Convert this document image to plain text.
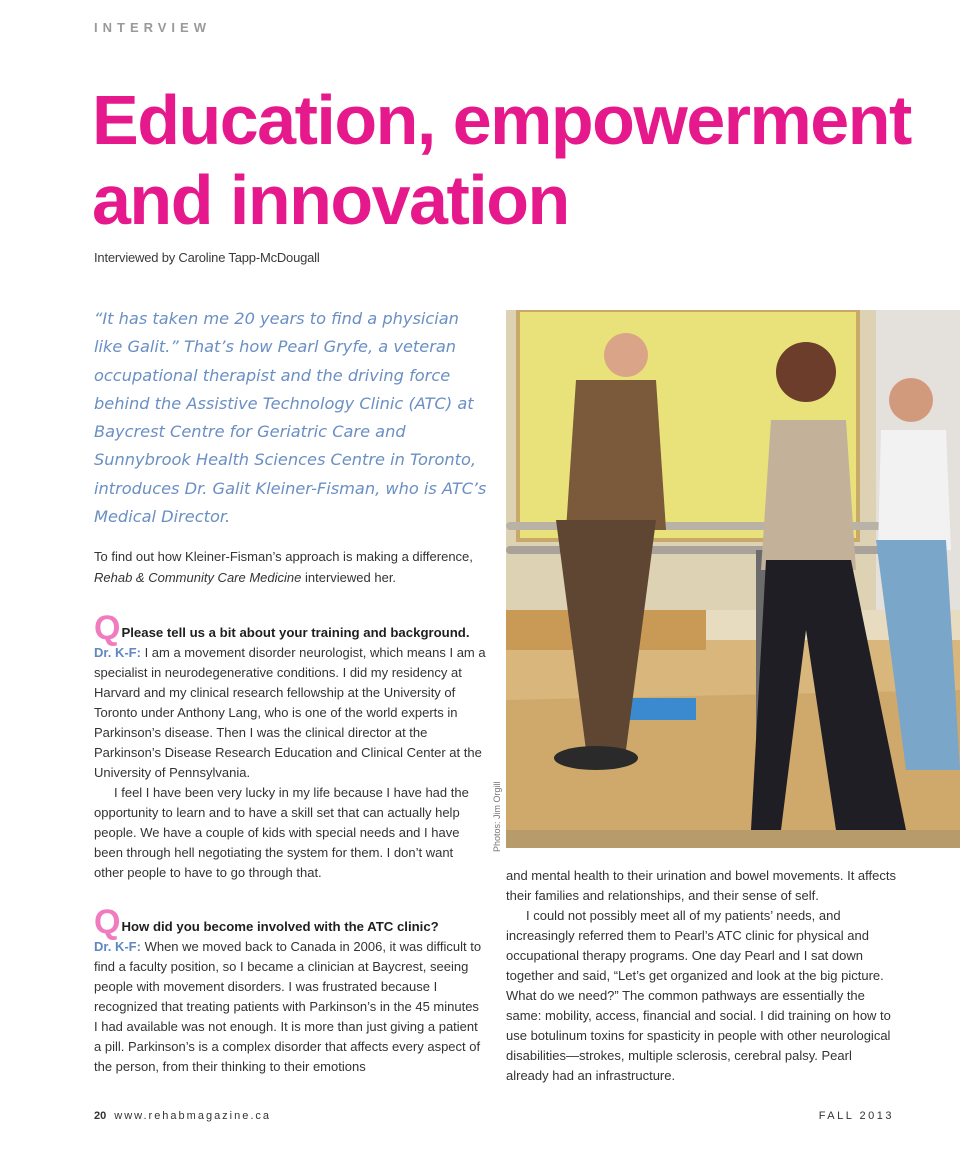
INTERVIEW
Education, empowerment and innovation
Interviewed by Caroline Tapp-McDougall
“It has taken me 20 years to find a physician like Galit.” That’s how Pearl Gryfe, a veteran occupational therapist and the driving force behind the Assistive Technology Clinic (ATC) at Baycrest Centre for Geriatric Care and Sunnybrook Health Sciences Centre in Toronto, introduces Dr. Galit Kleiner-Fisman, who is ATC’s Medical Director.
To find out how Kleiner-Fisman’s approach is making a difference, Rehab & Community Care Medicine interviewed her.
QPlease tell us a bit about your training and background.

Dr. K-F: I am a movement disorder neurologist, which means I am a specialist in neurodegenerative conditions. I did my residency at Harvard and my clinical research fellowship at the University of Toronto under Anthony Lang, who is one of the world experts in Parkinson’s disease. Then I was the clinical director at the Parkinson’s Disease Research Education and Clinical Center at the University of Pennsylvania.

I feel I have been very lucky in my life because I have had the opportunity to learn and to have a skill set that can actually help people. We have a couple of kids with special needs and I have been through hell negotiating the system for them. I don’t want other people to have to go through that.

QHow did you become involved with the ATC clinic?

Dr. K-F: When we moved back to Canada in 2006, it was difficult to find a faculty position, so I became a clinician at Baycrest, seeing people with movement disorders. I was frustrated because I recognized that treating patients with Parkinson’s in the 45 minutes I had available was not enough. It is more than just giving a patient a pill. Parkinson’s is a complex disorder that affects every aspect of the person, from their thinking to their emotions

Photos: Jim Orgill

and mental health to their urination and bowel movements. It affects their families and relationships, and their sense of self.

I could not possibly meet all of my patients’ needs, and increasingly referred them to Pearl’s ATC clinic for physical and occupational therapy programs. One day Pearl and I sat down together and said, “Let’s get organized and look at the big picture. What do we need?” The common pathways are essentially the same: mobility, access, financial and social. I did training on how to use botulinum toxins for spasticity in people with other neurological disabilities—strokes, multiple sclerosis, cerebral palsy. Pearl already had an infrastructure.

20 www.rehabmagazine.ca	FALL 2013
